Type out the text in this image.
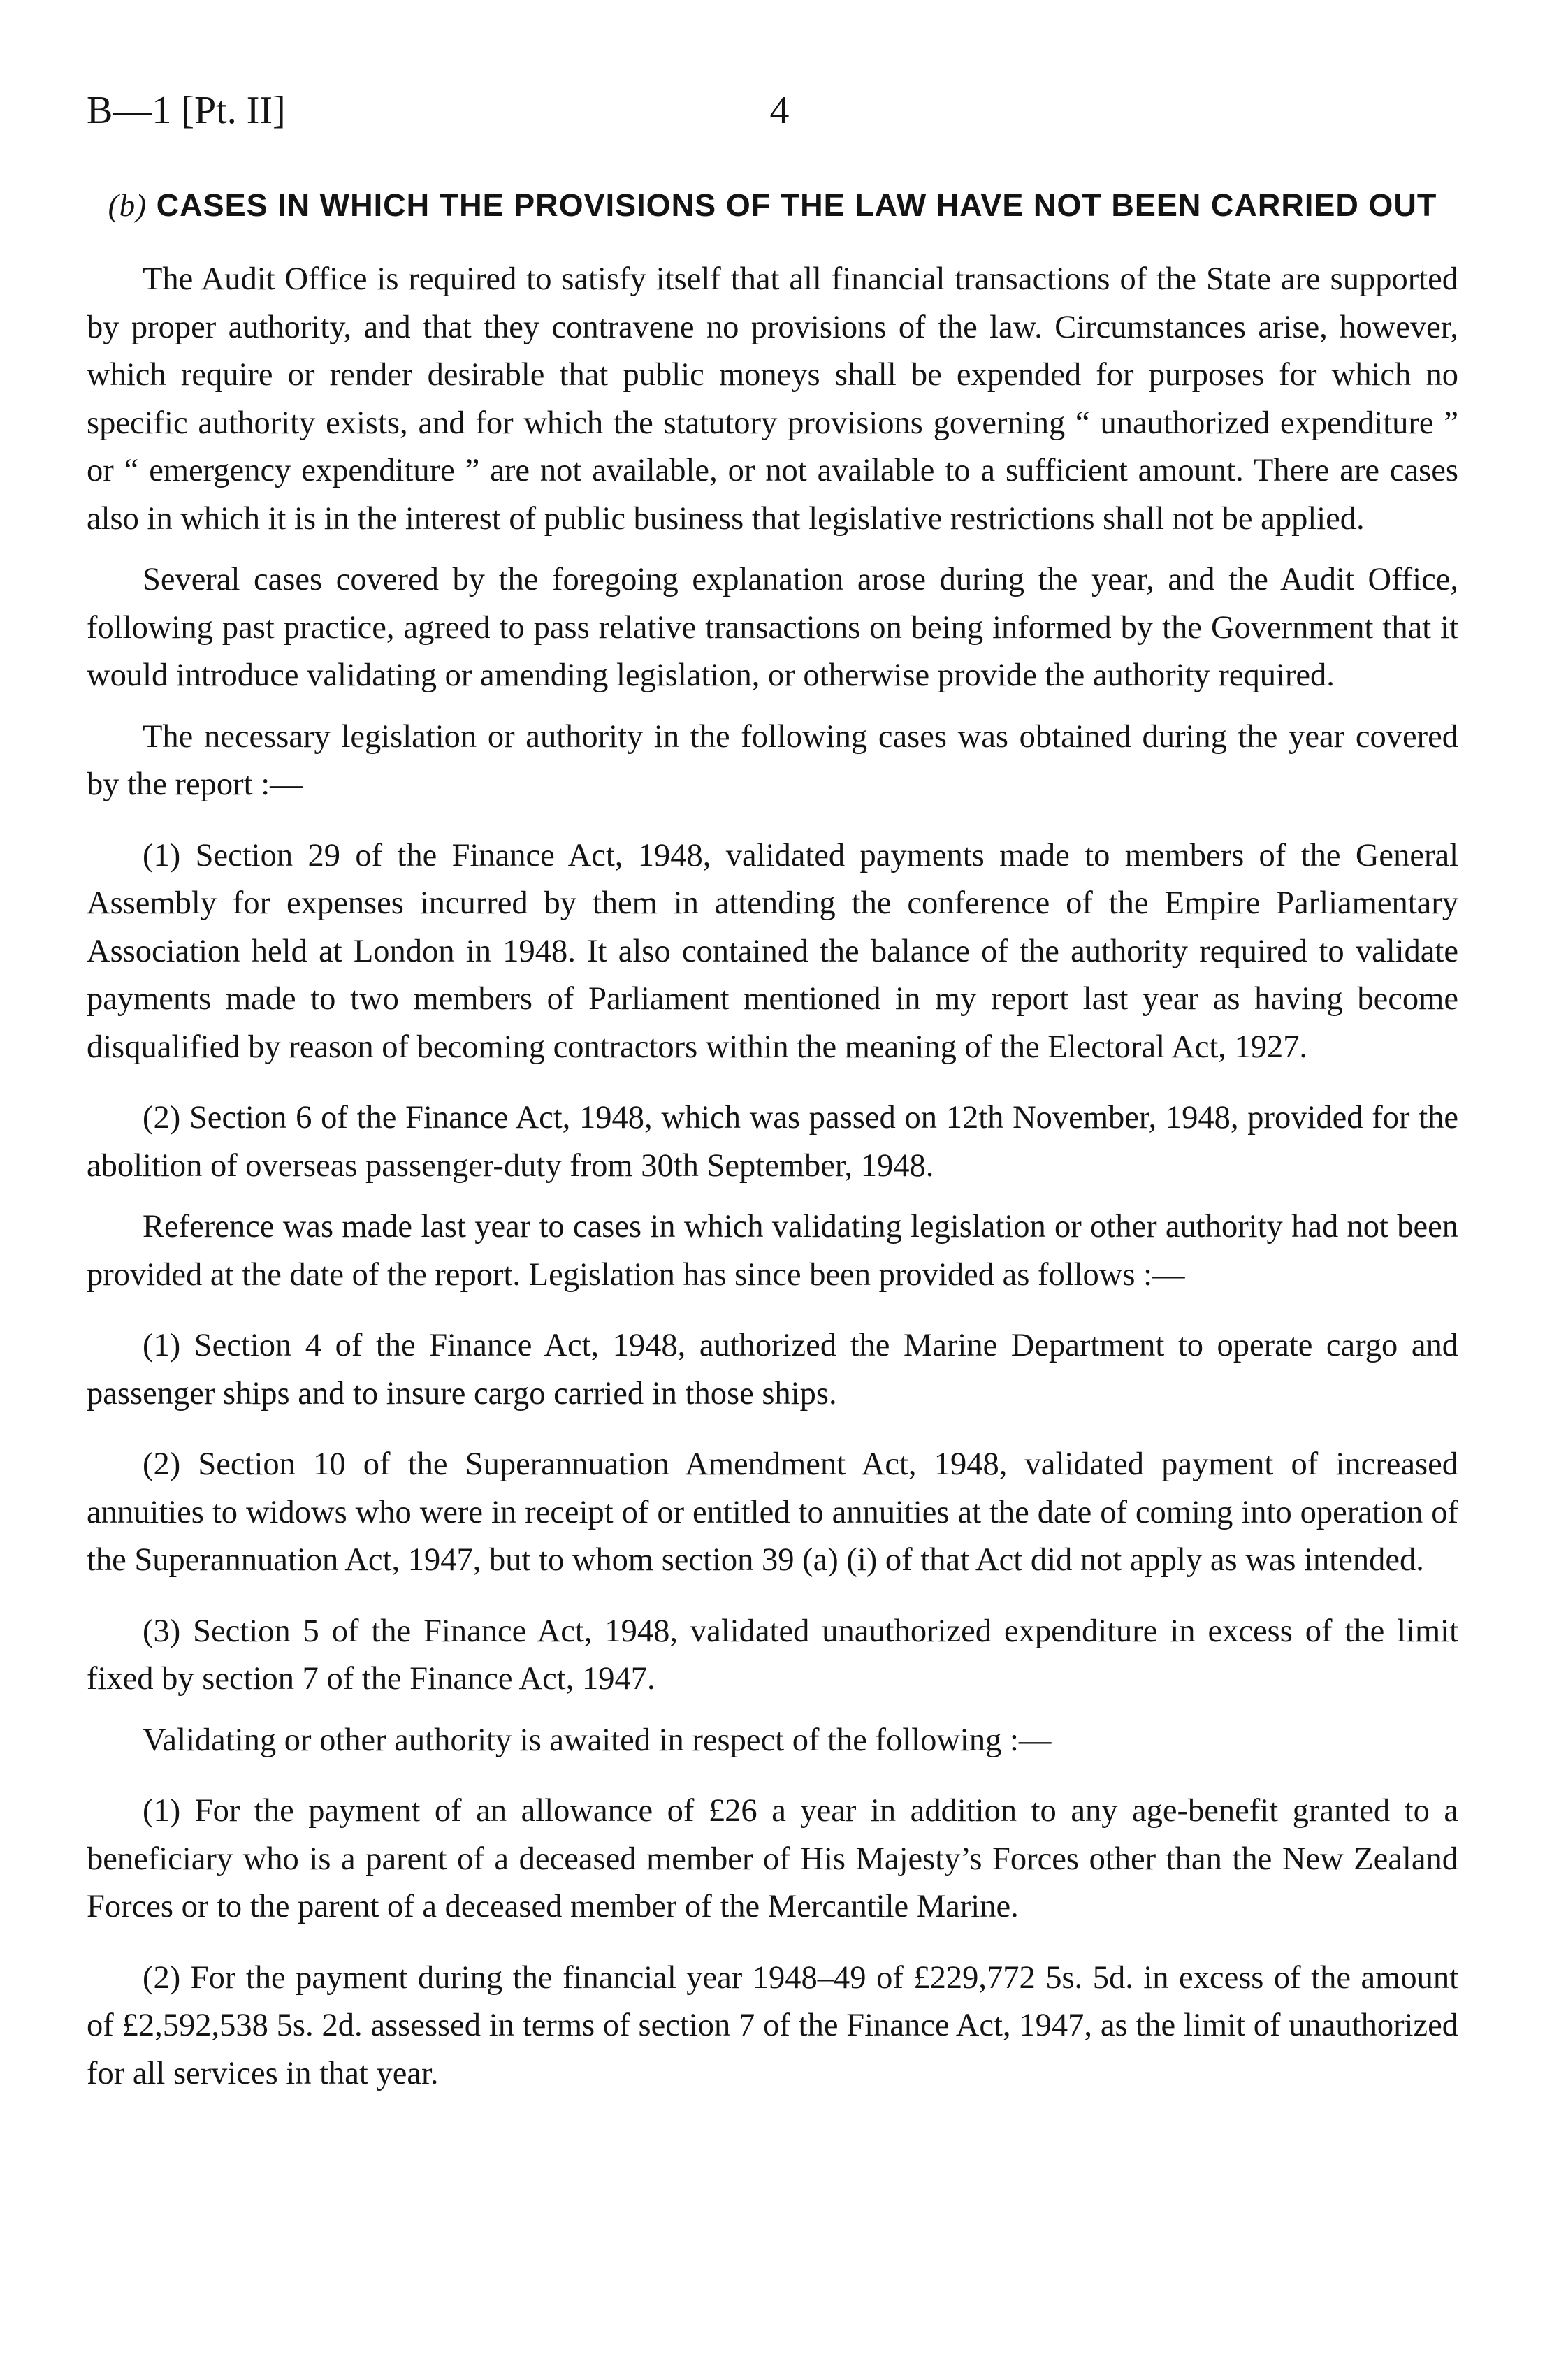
B—1 [Pt. II]	4
(b) CASES IN WHICH THE PROVISIONS OF THE LAW HAVE NOT BEEN CARRIED OUT

The Audit Office is required to satisfy itself that all financial transactions of the State are supported by proper authority, and that they contravene no provisions of the law. Circumstances arise, however, which require or render desirable that public moneys shall be expended for purposes for which no specific authority exists, and for which the statutory provisions governing “ unauthorized expenditure ” or “ emergency expenditure ” are not available, or not available to a sufficient amount. There are cases also in which it is in the interest of public business that legislative restrictions shall not be applied.

Several cases covered by the foregoing explanation arose during the year, and the Audit Office, following past practice, agreed to pass relative transactions on being informed by the Government that it would introduce validating or amending legislation, or otherwise provide the authority required.

The necessary legislation or authority in the following cases was obtained during the year covered by the report :—

(1) Section 29 of the Finance Act, 1948, validated payments made to members of the General Assembly for expenses incurred by them in attending the conference of the Empire Parliamentary Association held at London in 1948. It also contained the balance of the authority required to validate payments made to two members of Parliament mentioned in my report last year as having become disqualified by reason of becoming contractors within the meaning of the Electoral Act, 1927.

(2) Section 6 of the Finance Act, 1948, which was passed on 12th November, 1948, provided for the abolition of overseas passenger-duty from 30th September, 1948.

Reference was made last year to cases in which validating legislation or other authority had not been provided at the date of the report. Legislation has since been provided as follows :—

(1) Section 4 of the Finance Act, 1948, authorized the Marine Department to operate cargo and passenger ships and to insure cargo carried in those ships.

(2) Section 10 of the Superannuation Amendment Act, 1948, validated payment of increased annuities to widows who were in receipt of or entitled to annuities at the date of coming into operation of the Superannuation Act, 1947, but to whom section 39 (a) (i) of that Act did not apply as was intended.

(3) Section 5 of the Finance Act, 1948, validated unauthorized expenditure in excess of the limit fixed by section 7 of the Finance Act, 1947.

Validating or other authority is awaited in respect of the following :—

(1) For the payment of an allowance of £26 a year in addition to any age-benefit granted to a beneficiary who is a parent of a deceased member of His Majesty’s Forces other than the New Zealand Forces or to the parent of a deceased member of the Mercantile Marine.

(2) For the payment during the financial year 1948–49 of £229,772 5s. 5d. in excess of the amount of £2,592,538 5s. 2d. assessed in terms of section 7 of the Finance Act, 1947, as the limit of unauthorized for all services in that year.
